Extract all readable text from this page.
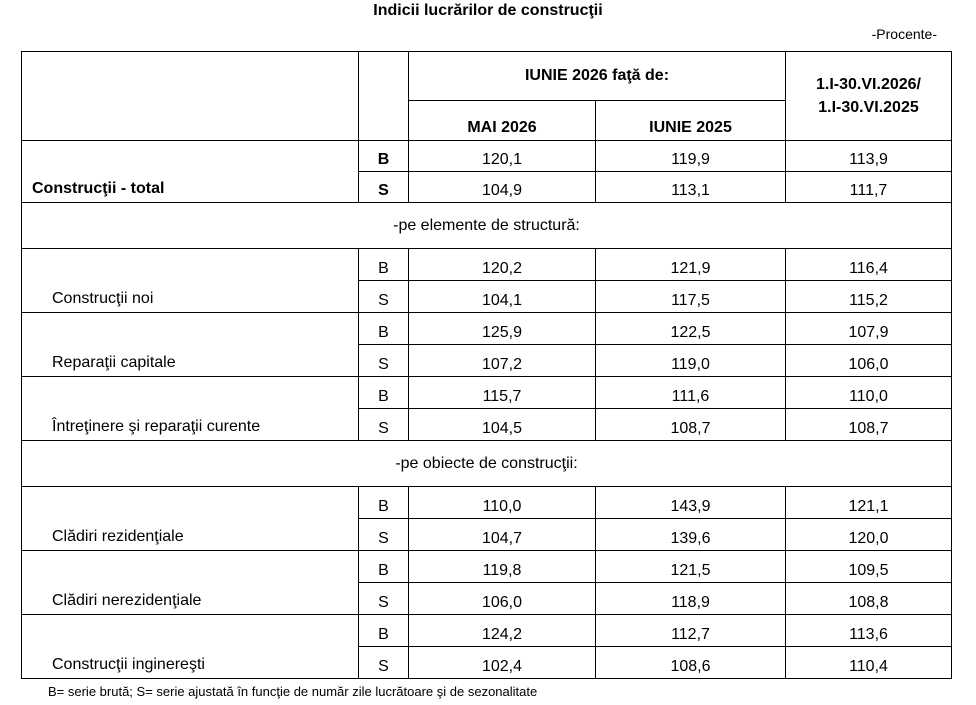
Indicii lucrărilor de construcţii
-Procente-
		IUNIE 2026 faţă de:		1.I-30.VI.2026/
1.I-30.VI.2025
		MAI 2026	IUNIE 2025	
Construcţii - total	B	120,1	119,9	113,9
	S	104,9	113,1	111,7
-pe elemente de structură:				
Construcţii noi	B	120,2	121,9	116,4
	S	104,1	117,5	115,2
Reparaţii capitale	B	125,9	122,5	107,9
	S	107,2	119,0	106,0
Întreţinere şi reparaţii curente	B	115,7	111,6	110,0
	S	104,5	108,7	108,7
-pe obiecte de construcţii:				
Clădiri rezidenţiale	B	110,0	143,9	121,1
	S	104,7	139,6	120,0
Clădiri nerezidenţiale	B	119,8	121,5	109,5
	S	106,0	118,9	108,8
Construcţii inginereşti	B	124,2	112,7	113,6
	S	102,4	108,6	110,4
B= serie brută; S= serie ajustată în funcţie de număr zile lucrătoare şi de sezonalitate
